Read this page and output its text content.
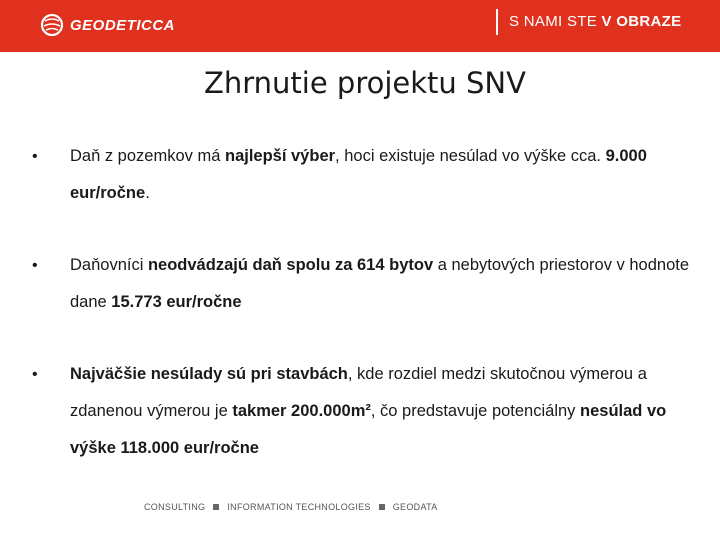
GEODETICCA	S NAMI STE V OBRAZE
Zhrnutie projektu SNV
• Daň z pozemkov má najlepší výber, hoci existuje nesúlad vo výške cca. 9.000 eur/ročne.
• Daňovníci neodvádzajú daň spolu za 614 bytov a nebytových priestorov v hodnote dane 15.773 eur/ročne
• Najväčšie nesúlady sú pri stavbách, kde rozdiel medzi skutočnou výmerou a zdanenou výmerou je takmer 200.000m², čo predstavuje potenciálny nesúlad vo výške 118.000 eur/ročne
CONSULTING INFORMATION TECHNOLOGIES GEODATA
